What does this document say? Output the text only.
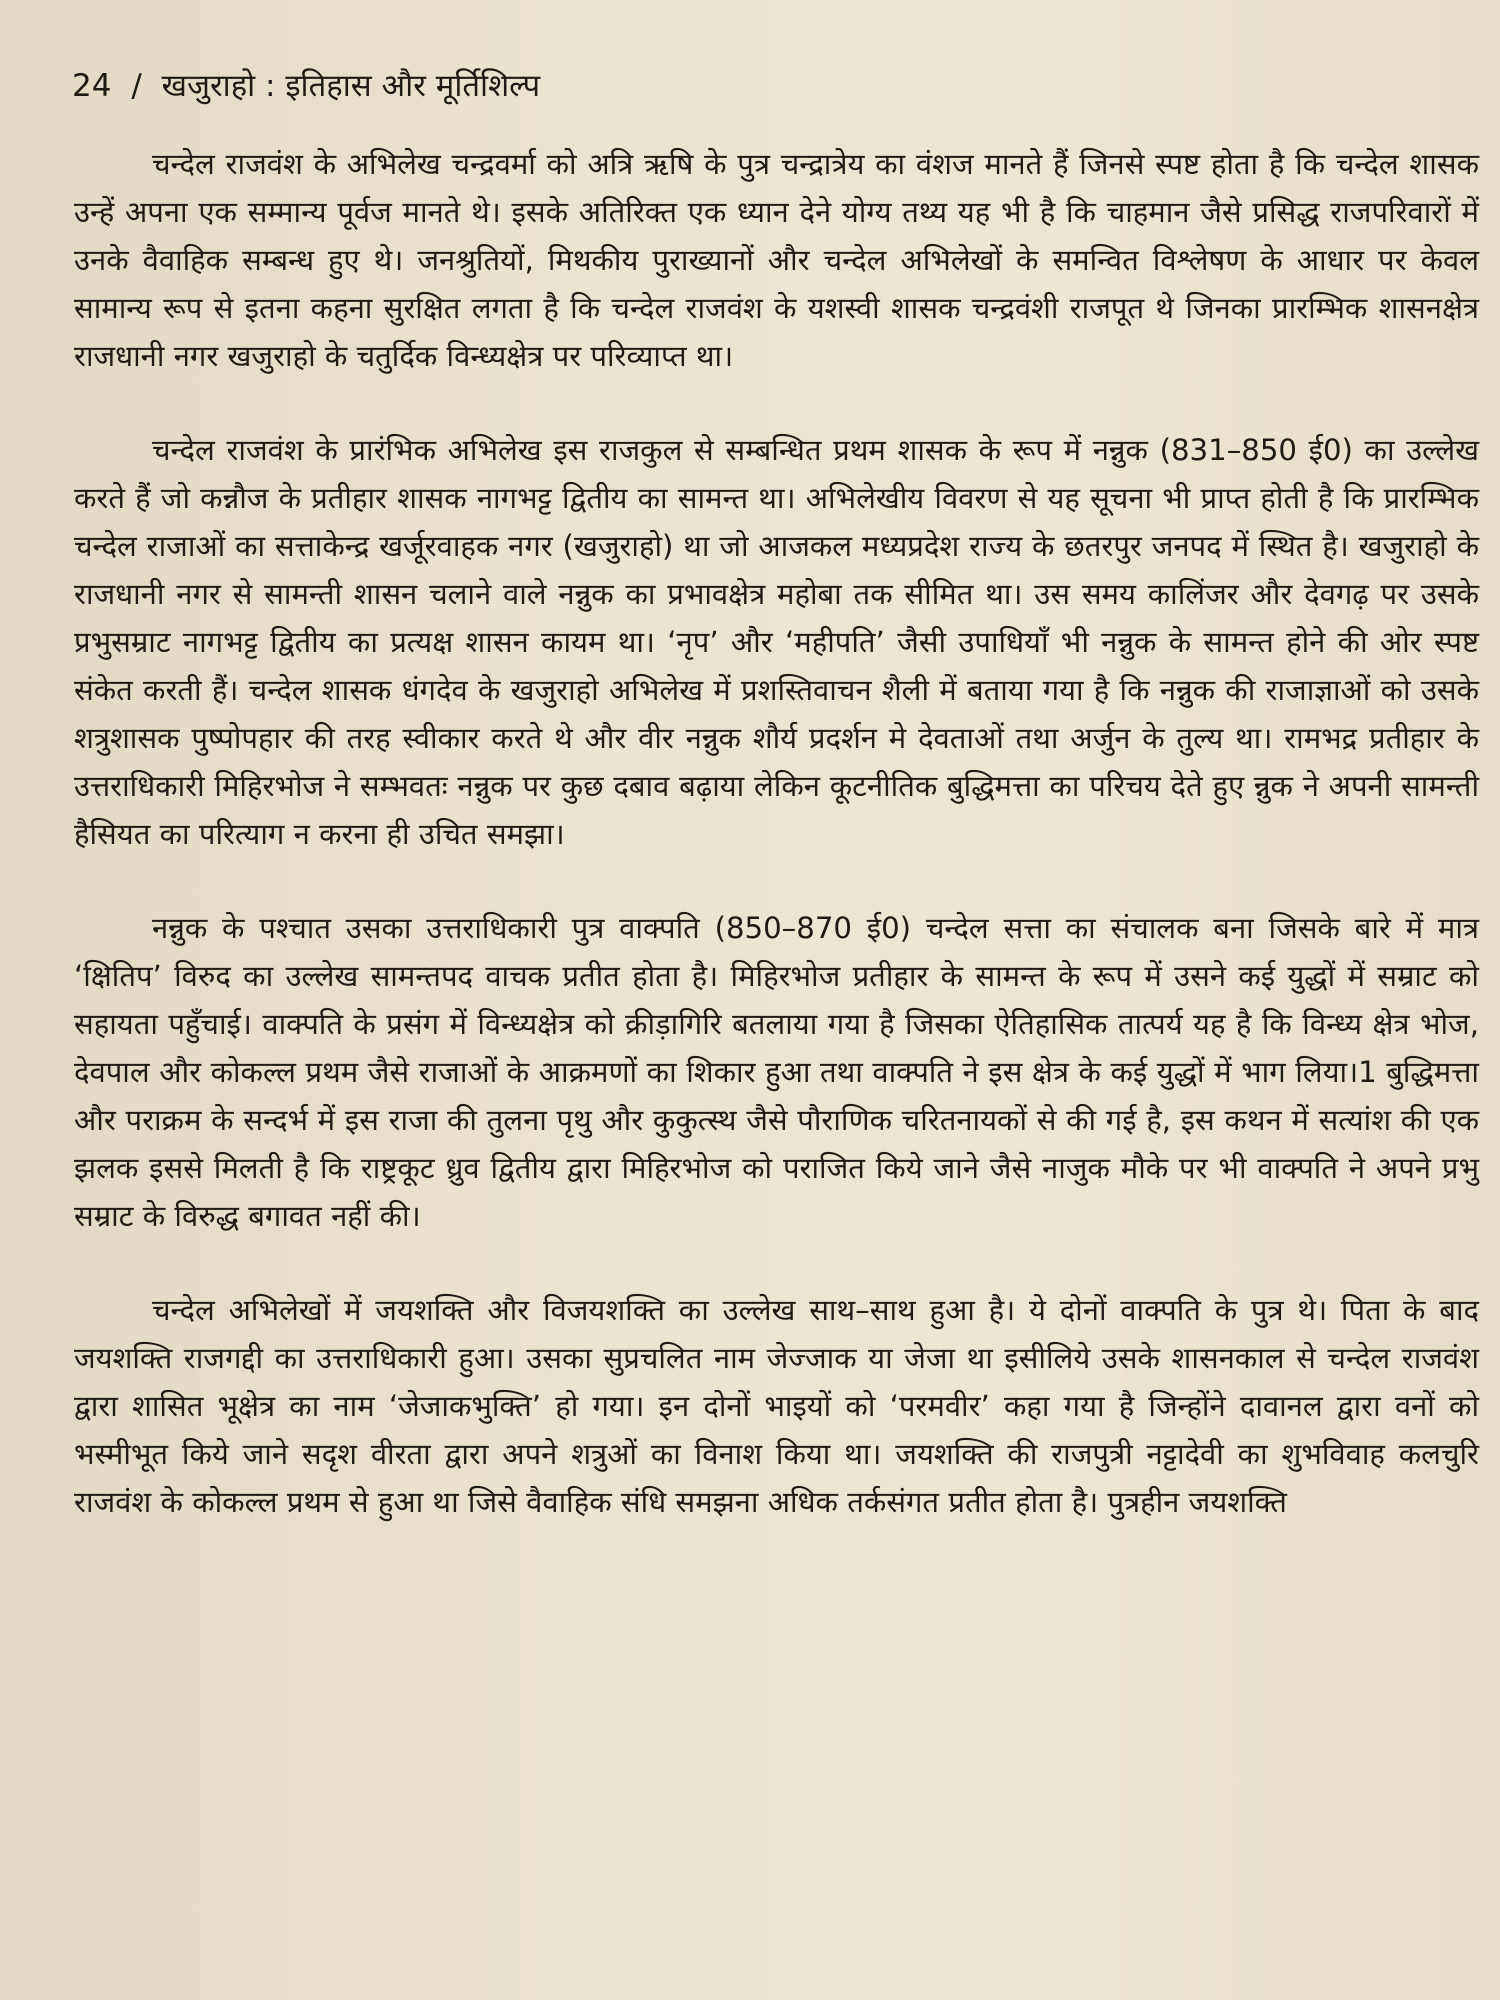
24 / खजुराहो : इतिहास और मूर्तिशिल्प

चन्देल राजवंश के अभिलेख चन्द्रवर्मा को अत्रि ऋषि के पुत्र चन्द्रात्रेय का वंशज मानते हैं जिनसे स्पष्ट होता है कि चन्देल शासक उन्हें अपना एक सम्मान्य पूर्वज मानते थे। इसके अतिरिक्त एक ध्यान देने योग्य तथ्य यह भी है कि चाहमान जैसे प्रसिद्ध राजपरिवारों में उनके वैवाहिक सम्बन्ध हुए थे। जनश्रुतियों, मिथकीय पुराख्यानों और चन्देल अभिलेखों के समन्वित विश्लेषण के आधार पर केवल सामान्य रूप से इतना कहना सुरक्षित लगता है कि चन्देल राजवंश के यशस्वी शासक चन्द्रवंशी राजपूत थे जिनका प्रारम्भिक शासनक्षेत्र राजधानी नगर खजुराहो के चतुर्दिक विन्ध्यक्षेत्र पर परिव्याप्त था।

चन्देल राजवंश के प्रारंभिक अभिलेख इस राजकुल से सम्बन्धित प्रथम शासक के रूप में नन्नुक (831–850 ई0) का उल्लेख करते हैं जो कन्नौज के प्रतीहार शासक नागभट्ट द्वितीय का सामन्त था। अभिलेखीय विवरण से यह सूचना भी प्राप्त होती है कि प्रारम्भिक चन्देल राजाओं का सत्ताकेन्द्र खर्जूरवाहक नगर (खजुराहो) था जो आजकल मध्यप्रदेश राज्य के छतरपुर जनपद में स्थित है। खजुराहो के राजधानी नगर से सामन्ती शासन चलाने वाले नन्नुक का प्रभावक्षेत्र महोबा तक सीमित था। उस समय कालिंजर और देवगढ़ पर उसके प्रभुसम्राट नागभट्ट द्वितीय का प्रत्यक्ष शासन कायम था। ‘नृप’ और ‘महीपति’ जैसी उपाधियाँ भी नन्नुक के सामन्त होने की ओर स्पष्ट संकेत करती हैं। चन्देल शासक धंगदेव के खजुराहो अभिलेख में प्रशस्तिवाचन शैली में बताया गया है कि नन्नुक की राजाज्ञाओं को उसके शत्रुशासक पुष्पोपहार की तरह स्वीकार करते थे और वीर नन्नुक शौर्य प्रदर्शन मे देवताओं तथा अर्जुन के तुल्य था। रामभद्र प्रतीहार के उत्तराधिकारी मिहिरभोज ने सम्भवतः नन्नुक पर कुछ दबाव बढ़ाया लेकिन कूटनीतिक बुद्धिमत्ता का परिचय देते हुए न्नुक ने अपनी सामन्ती हैसियत का परित्याग न करना ही उचित समझा।

नन्नुक के पश्चात उसका उत्तराधिकारी पुत्र वाक्पति (850–870 ई0) चन्देल सत्ता का संचालक बना जिसके बारे में मात्र ‘क्षितिप’ विरुद का उल्लेख सामन्तपद वाचक प्रतीत होता है। मिहिरभोज प्रतीहार के सामन्त के रूप में उसने कई युद्धों में सम्राट को सहायता पहुँचाई। वाक्पति के प्रसंग में विन्ध्यक्षेत्र को क्रीड़ागिरि बतलाया गया है जिसका ऐतिहासिक तात्पर्य यह है कि विन्ध्य क्षेत्र भोज, देवपाल और कोकल्ल प्रथम जैसे राजाओं के आक्रमणों का शिकार हुआ तथा वाक्पति ने इस क्षेत्र के कई युद्धों में भाग लिया।1 बुद्धिमत्ता और पराक्रम के सन्दर्भ में इस राजा की तुलना पृथु और कुकुत्स्थ जैसे पौराणिक चरितनायकों से की गई है, इस कथन में सत्यांश की एक झलक इससे मिलती है कि राष्ट्रकूट ध्रुव द्वितीय द्वारा मिहिरभोज को पराजित किये जाने जैसे नाजुक मौके पर भी वाक्पति ने अपने प्रभु सम्राट के विरुद्ध बगावत नहीं की।

चन्देल अभिलेखों में जयशक्ति और विजयशक्ति का उल्लेख साथ–साथ हुआ है। ये दोनों वाक्पति के पुत्र थे। पिता के बाद जयशक्ति राजगद्दी का उत्तराधिकारी हुआ। उसका सुप्रचलित नाम जेज्जाक या जेजा था इसीलिये उसके शासनकाल से चन्देल राजवंश द्वारा शासित भूक्षेत्र का नाम ‘जेजाकभुक्ति’ हो गया। इन दोनों भाइयों को ‘परमवीर’ कहा गया है जिन्होंने दावानल द्वारा वनों को भस्मीभूत किये जाने सदृश वीरता द्वारा अपने शत्रुओं का विनाश किया था। जयशक्ति की राजपुत्री नट्टादेवी का शुभविवाह कलचुरि राजवंश के कोकल्ल प्रथम से हुआ था जिसे वैवाहिक संधि समझना अधिक तर्कसंगत प्रतीत होता है। पुत्रहीन जयशक्ति
